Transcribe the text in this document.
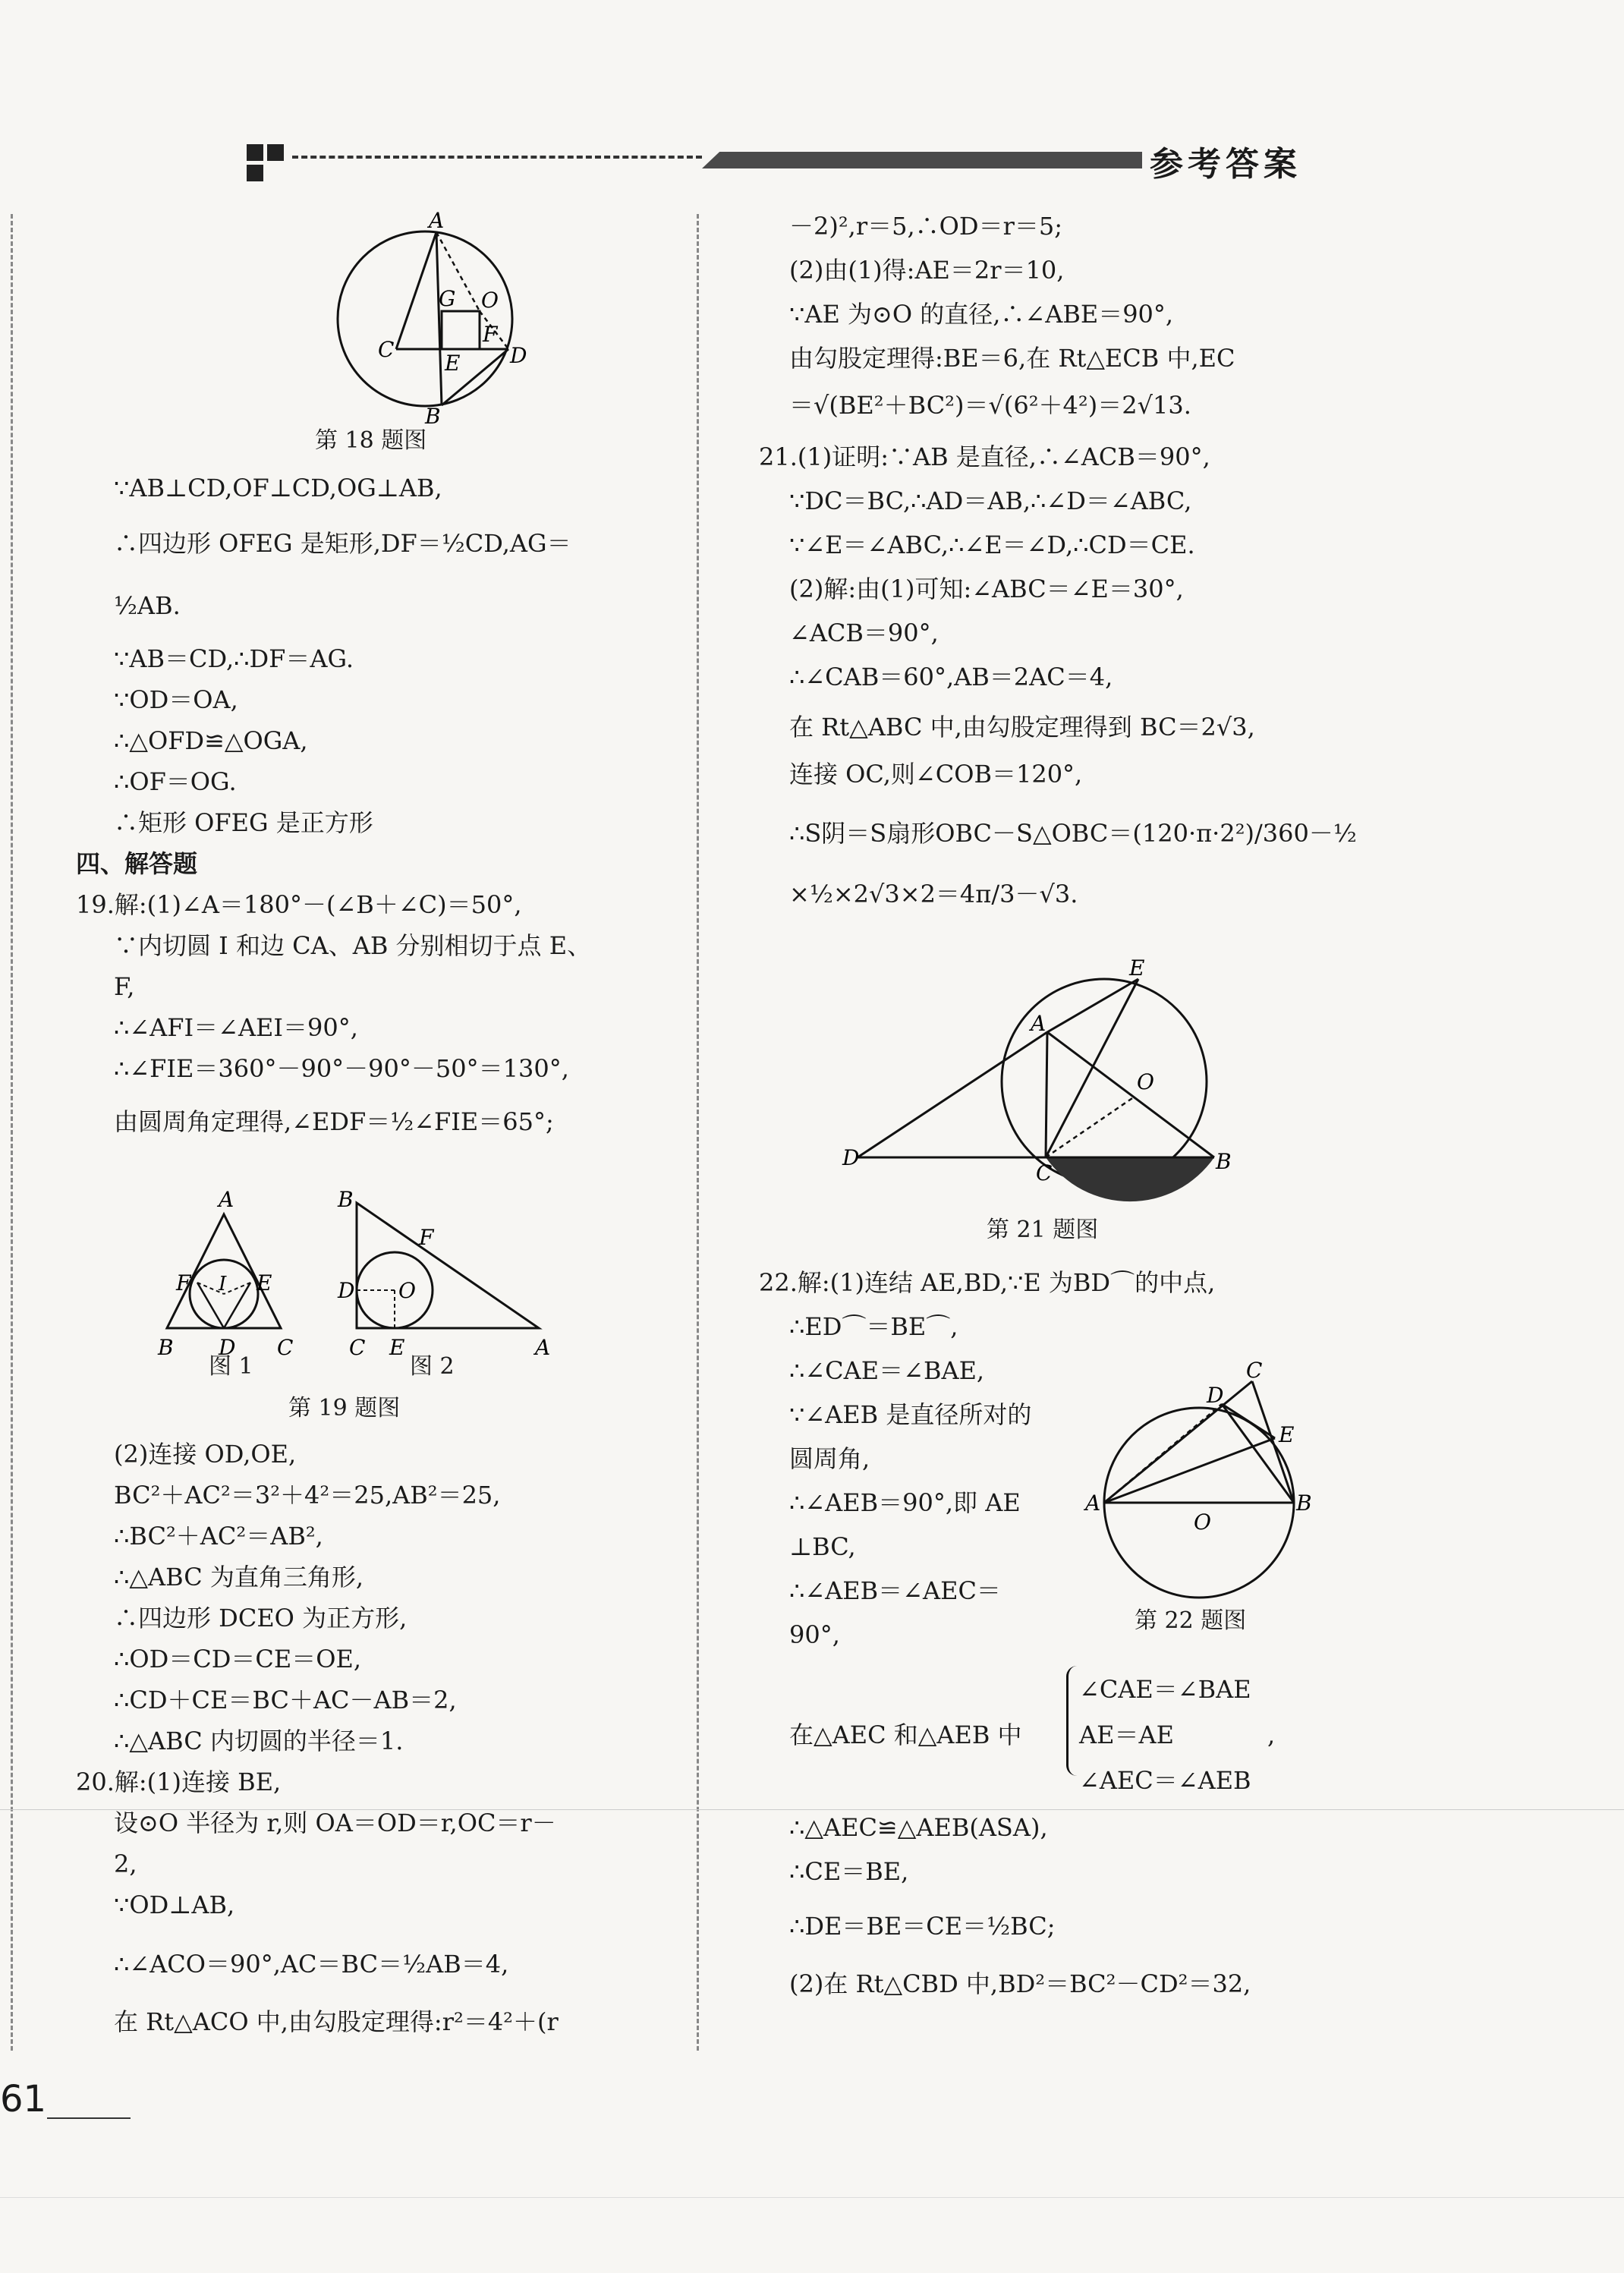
参考答案
A
G O
F
C
E D
B
第 18 题图
∵AB⊥CD,OF⊥CD,OG⊥AB,
∴四边形 OFEG 是矩形,DF＝½CD,AG＝
½AB.
∵AB＝CD,∴DF＝AG.
∵OD＝OA,
∴△OFD≌△OGA,
∴OF＝OG.
∴矩形 OFEG 是正方形
四、解答题
19.解:(1)∠A＝180°－(∠B＋∠C)＝50°,
∵内切圆 I 和边 CA、AB 分别相切于点 E、
F,
∴∠AFI＝∠AEI＝90°,
∴∠FIE＝360°－90°－90°－50°＝130°,
由圆周角定理得,∠EDF＝½∠FIE＝65°;
A
F I E
B D C
B
F
D O
C E	A
图 1	图 2
第 19 题图
(2)连接 OD,OE,
BC²＋AC²＝3²＋4²＝25,AB²＝25,
∴BC²＋AC²＝AB²,
∴△ABC 为直角三角形,
∴四边形 DCEO 为正方形,
∴OD＝CD＝CE＝OE,
∴CD＋CE＝BC＋AC－AB＝2,
∴△ABC 内切圆的半径＝1.
20.解:(1)连接 BE,
设⊙O 半径为 r,则 OA＝OD＝r,OC＝r－
2,
∵OD⊥AB,
∴∠ACO＝90°,AC＝BC＝½AB＝4,
在 Rt△ACO 中,由勾股定理得:r²＝4²＋(r
－2)²,r＝5,∴OD＝r＝5;
(2)由(1)得:AE＝2r＝10,
∵AE 为⊙O 的直径,∴∠ABE＝90°,
由勾股定理得:BE＝6,在 Rt△ECB 中,EC
＝√(BE²＋BC²)＝√(6²＋4²)＝2√13.
21.(1)证明:∵AB 是直径,∴∠ACB＝90°,
∵DC＝BC,∴AD＝AB,∴∠D＝∠ABC,
∵∠E＝∠ABC,∴∠E＝∠D,∴CD＝CE.
(2)解:由(1)可知:∠ABC＝∠E＝30°,
∠ACB＝90°,
∴∠CAB＝60°,AB＝2AC＝4,
在 Rt△ABC 中,由勾股定理得到 BC＝2√3,
连接 OC,则∠COB＝120°,
∴S阴＝S扇形OBC－S△OBC＝(120·π·2²)/360－½
×½×2√3×2＝4π/3－√3.
E
A
O
D
C	B
第 21 题图
22.解:(1)连结 AE,BD,∵E 为BD⌒的中点,
∴ED⌒＝BE⌒,
∴∠CAE＝∠BAE,
∵∠AEB 是直径所对的
圆周角,
∴∠AEB＝90°,即 AE
⊥BC,
∴∠AEB＝∠AEC＝
90°,
C
D
E
A
O
B
第 22 题图
在△AEC 和△AEB 中
∠CAE＝∠BAE
AE＝AE
∠AEC＝∠AEB
,
∴△AEC≌△AEB(ASA),
∴CE＝BE,
∴DE＝BE＝CE＝½BC;
(2)在 Rt△CBD 中,BD²＝BC²－CD²＝32,
61
